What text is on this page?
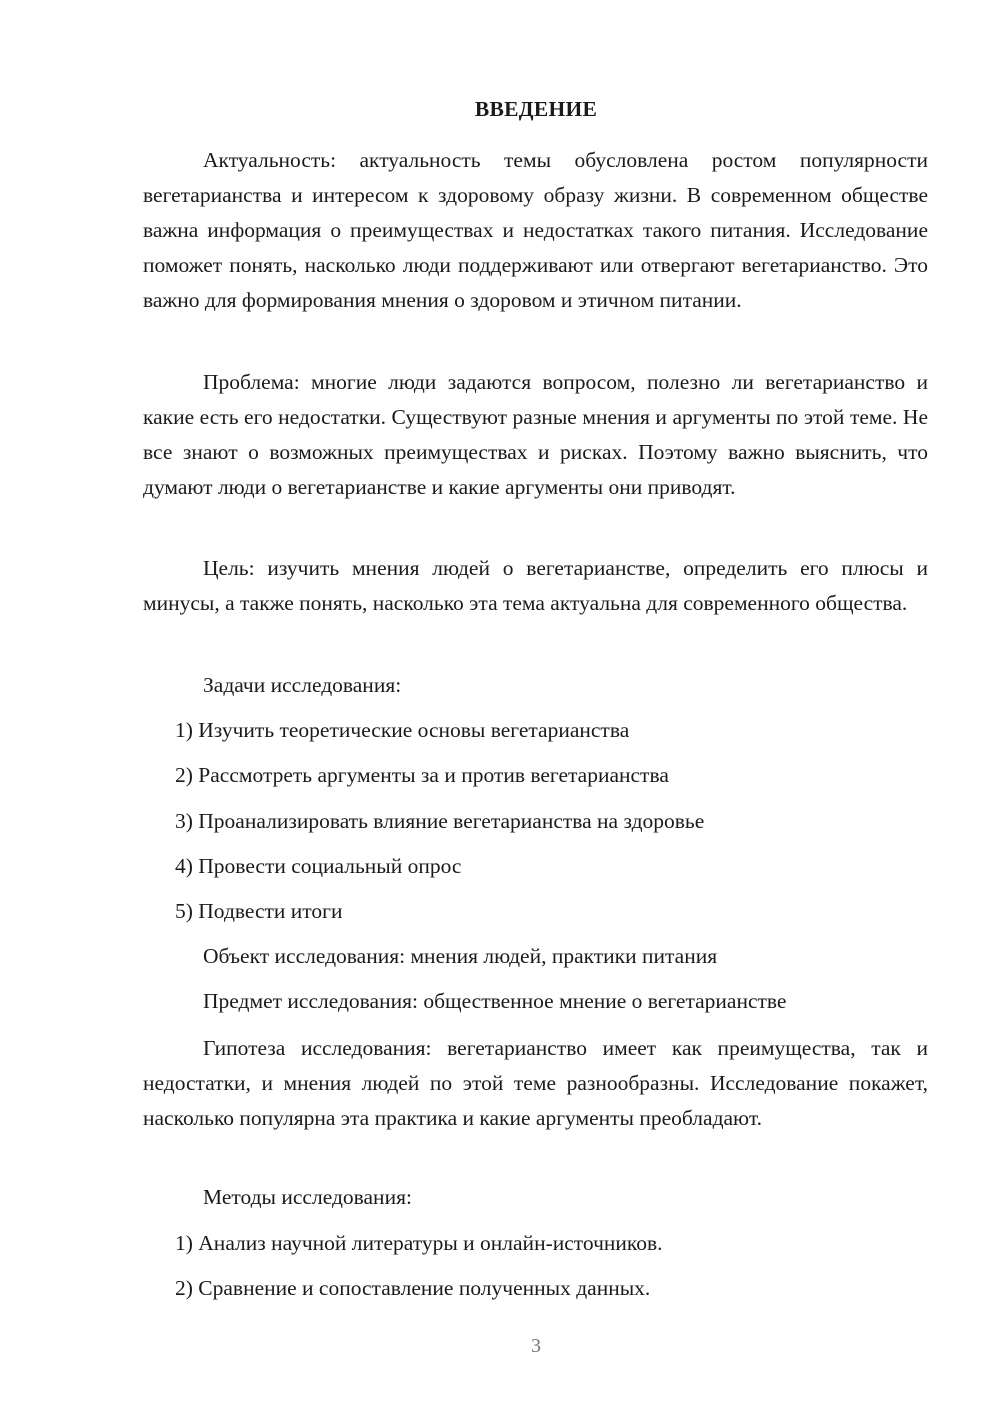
ВВЕДЕНИЕ

Актуальность: актуальность темы обусловлена ростом популярности вегетарианства и интересом к здоровому образу жизни. В современном обществе важна информация о преимуществах и недостатках такого питания. Исследование поможет понять, насколько люди поддерживают или отвергают вегетарианство. Это важно для формирования мнения о здоровом и этичном питании.

Проблема: многие люди задаются вопросом, полезно ли вегетарианство и какие есть его недостатки. Существуют разные мнения и аргументы по этой теме. Не все знают о возможных преимуществах и рисках. Поэтому важно выяснить, что думают люди о вегетарианстве и какие аргументы они приводят.

Цель: изучить мнения людей о вегетарианстве, определить его плюсы и минусы, а также понять, насколько эта тема актуальна для современного общества.

Задачи исследования:
1) Изучить теоретические основы вегетарианства
2) Рассмотреть аргументы за и против вегетарианства
3) Проанализировать влияние вегетарианства на здоровье
4) Провести социальный опрос
5) Подвести итоги
Объект исследования: мнения людей, практики питания
Предмет исследования: общественное мнение о вегетарианстве

Гипотеза исследования: вегетарианство имеет как преимущества, так и недостатки, и мнения людей по этой теме разнообразны. Исследование покажет, насколько популярна эта практика и какие аргументы преобладают.

Методы исследования:
1) Анализ научной литературы и онлайн-источников.
2) Сравнение и сопоставление полученных данных.
3
